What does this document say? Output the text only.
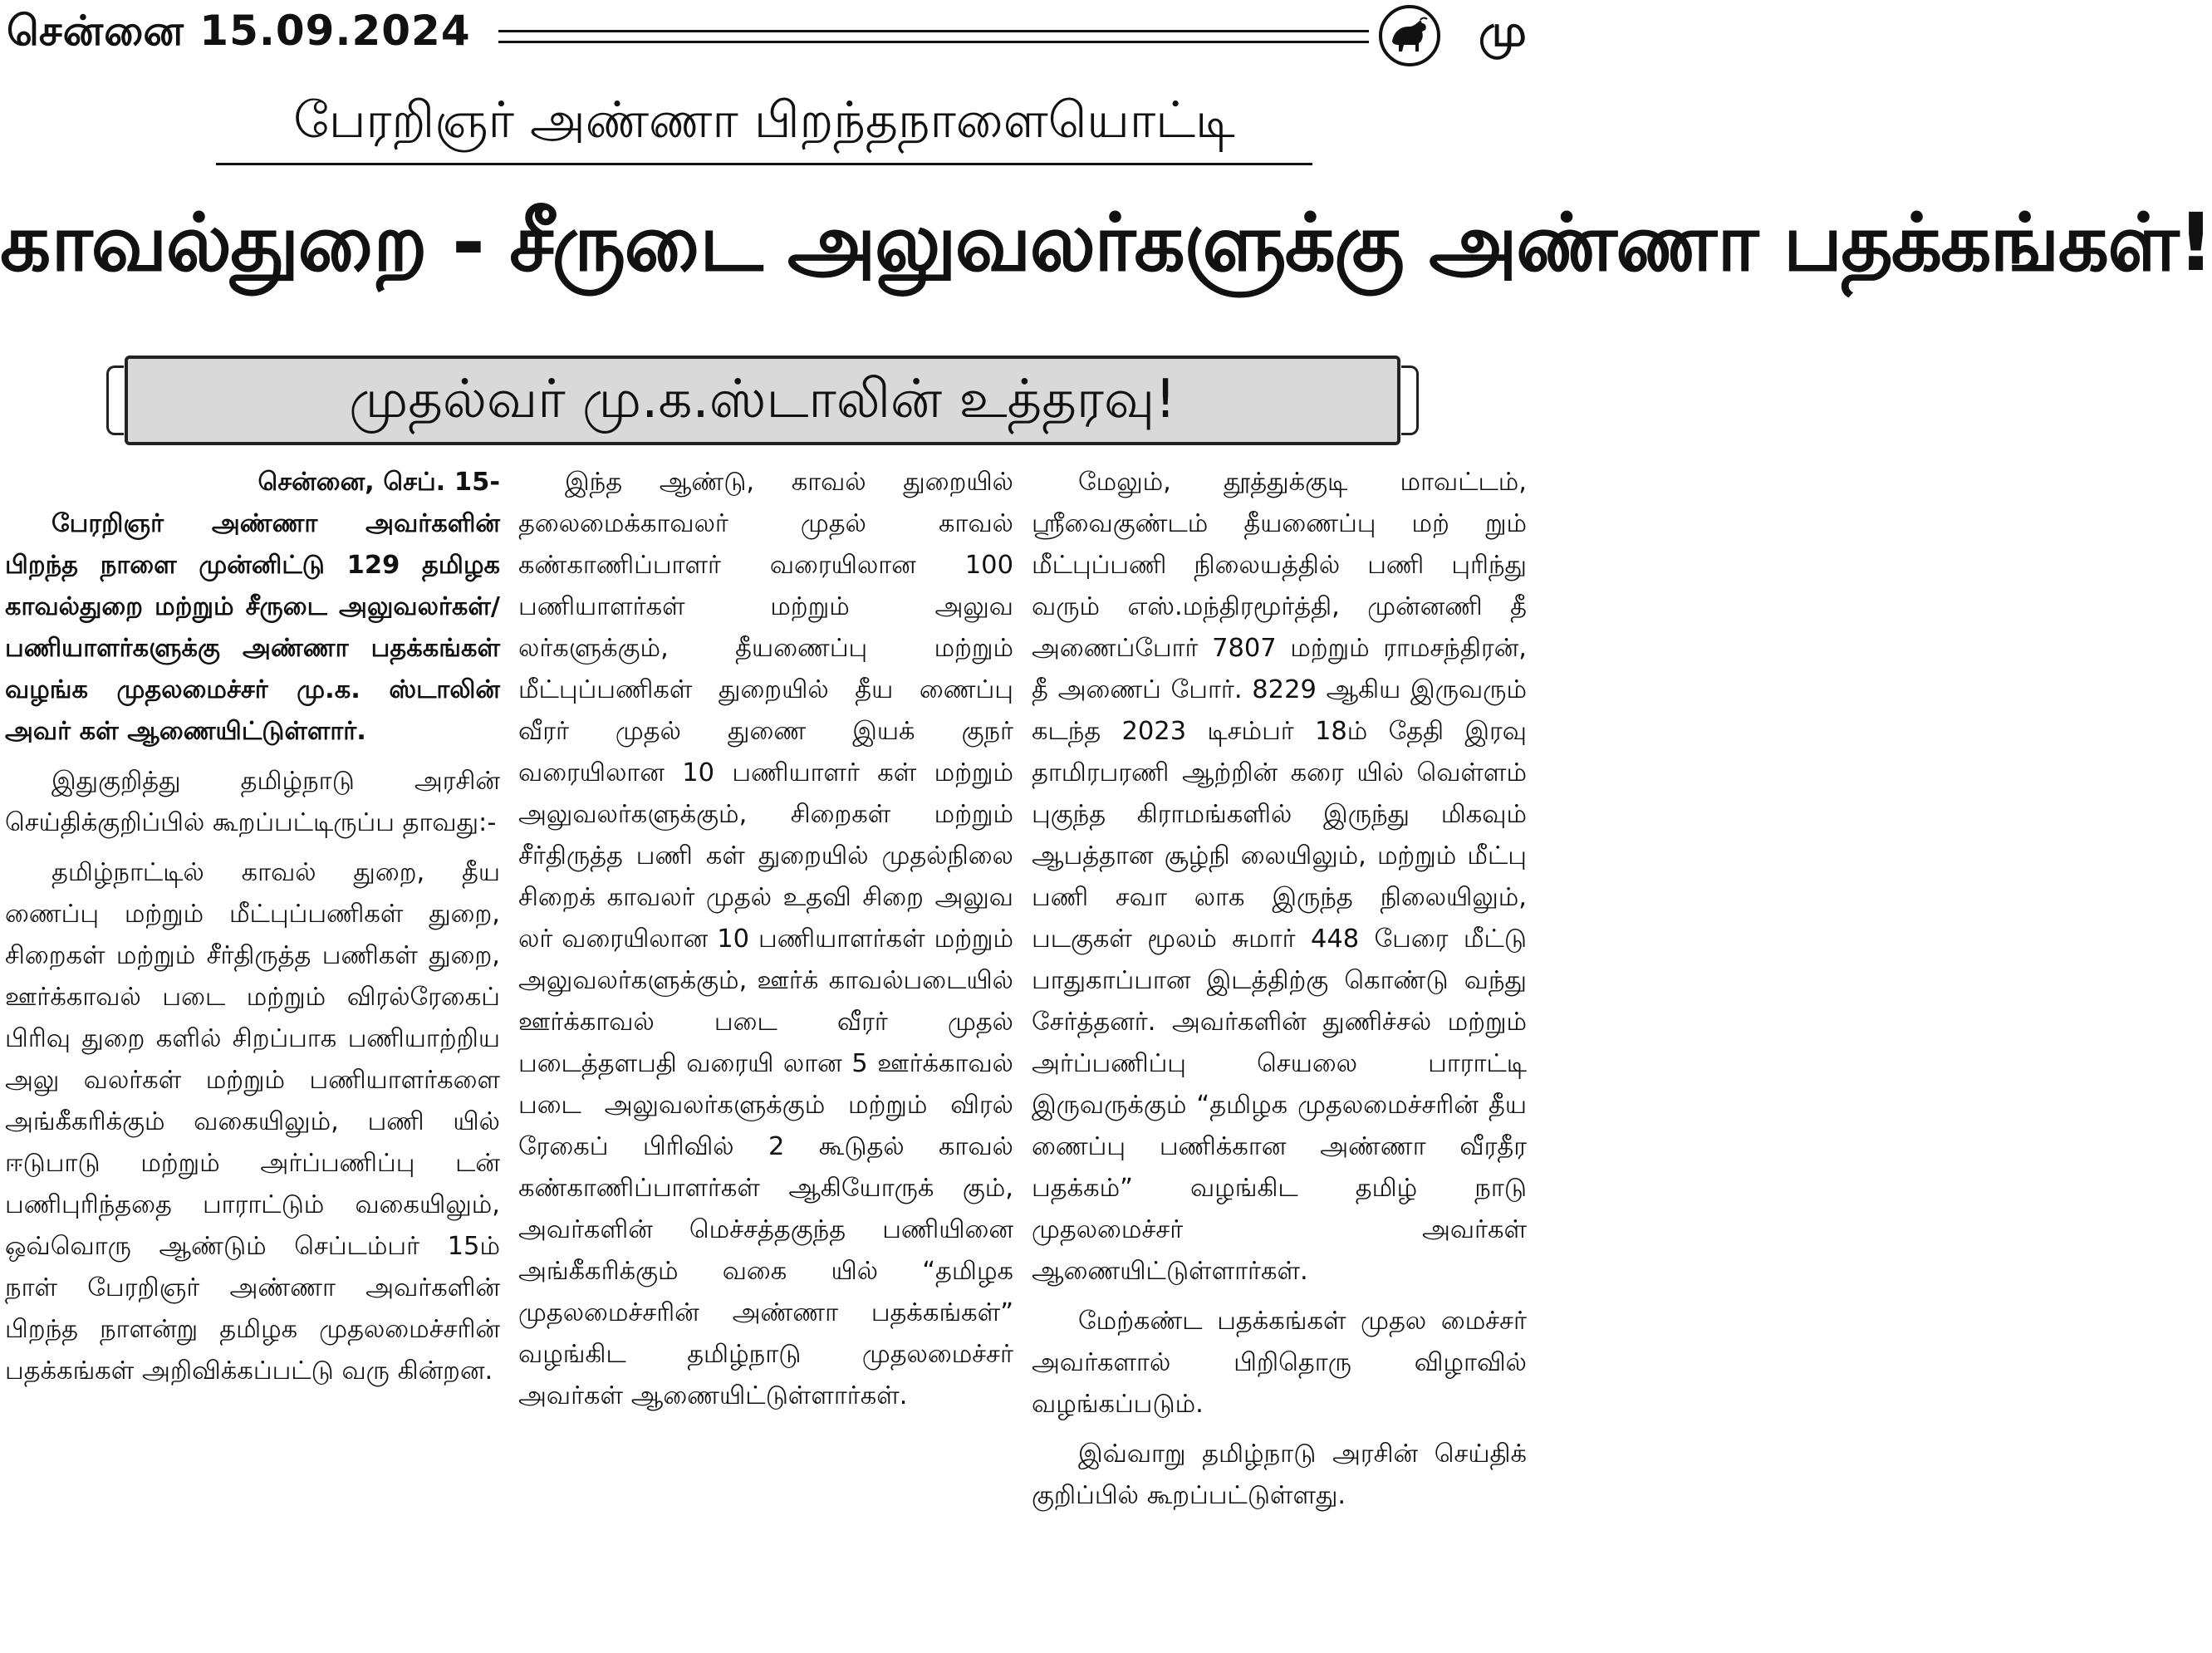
சென்னை 15.09.2024	மு
பேரறிஞர் அண்ணா பிறந்தநாளையொட்டி
காவல்துறை - சீருடை அலுவலர்களுக்கு அண்ணா பதக்கங்கள்!
முதல்வர் மு.க.ஸ்டாலின் உத்தரவு!

சென்னை, செப். 15-

பேரறிஞர் அண்ணா அவர்களின் பிறந்த நாளை முன்னிட்டு 129 தமிழக காவல்துறை மற்றும் சீருடை அலுவலர்கள்/பணியாளர்களுக்கு அண்ணா பதக்கங்கள் வழங்க முதலமைச்சர் மு.க. ஸ்டாலின் அவர் கள் ஆணையிட்டுள்ளார்.

இதுகுறித்து தமிழ்நாடு அரசின் செய்திக்குறிப்பில் கூறப்பட்டிருப்ப தாவது:-

தமிழ்நாட்டில் காவல் துறை, தீய ணைப்பு மற்றும் மீட்புப்பணிகள் துறை, சிறைகள் மற்றும் சீர்திருத்த பணிகள் துறை, ஊர்க்காவல் படை மற்றும் விரல்ரேகைப் பிரிவு துறை களில் சிறப்பாக பணியாற்றிய அலு வலர்கள் மற்றும் பணியாளர்களை அங்கீகரிக்கும் வகையிலும், பணி யில் ஈடுபாடு மற்றும் அர்ப்பணிப்பு டன் பணிபுரிந்ததை பாராட்டும் வகையிலும், ஒவ்வொரு ஆண்டும் செப்டம்பர் 15ம் நாள் பேரறிஞர் அண்ணா அவர்களின் பிறந்த நாளன்று தமிழக முதலமைச்சரின் பதக்கங்கள் அறிவிக்கப்பட்டு வரு கின்றன.

இந்த ஆண்டு, காவல் துறையில் தலைமைக்காவலர் முதல் காவல் கண்காணிப்பாளர் வரையிலான 100 பணியாளர்கள் மற்றும் அலுவ லர்களுக்கும், தீயணைப்பு மற்றும் மீட்புப்பணிகள் துறையில் தீய ணைப்பு வீரர் முதல் துணை இயக் குநர் வரையிலான 10 பணியாளர் கள் மற்றும் அலுவலர்களுக்கும், சிறைகள் மற்றும் சீர்திருத்த பணி கள் துறையில் முதல்நிலை சிறைக் காவலர் முதல் உதவி சிறை அலுவ லர் வரையிலான 10 பணியாளர்கள் மற்றும் அலுவலர்களுக்கும், ஊர்க் காவல்படையில் ஊர்க்காவல் படை வீரர் முதல் படைத்தளபதி வரையி லான 5 ஊர்க்காவல் படை அலுவலர்களுக்கும் மற்றும் விரல் ரேகைப் பிரிவில் 2 கூடுதல் காவல் கண்காணிப்பாளர்கள் ஆகியோருக் கும், அவர்களின் மெச்சத்தகுந்த பணியினை அங்கீகரிக்கும் வகை யில் “தமிழக முதலமைச்சரின் அண்ணா பதக்கங்கள்” வழங்கிட தமிழ்நாடு முதலமைச்சர் அவர்கள் ஆணையிட்டுள்ளார்கள்.

மேலும், தூத்துக்குடி மாவட்டம், ஸ்ரீவைகுண்டம் தீயணைப்பு மற் றும் மீட்புப்பணி நிலையத்தில் பணி புரிந்து வரும் எஸ்.மந்திரமூர்த்தி, முன்னணி தீ அணைப்போர் 7807 மற்றும் ராமசந்திரன், தீ அணைப் போர். 8229 ஆகிய இருவரும் கடந்த 2023 டிசம்பர் 18ம் தேதி இரவு தாமிரபரணி ஆற்றின் கரை யில் வெள்ளம் புகுந்த கிராமங்களில் இருந்து மிகவும் ஆபத்தான சூழ்நி லையிலும், மற்றும் மீட்பு பணி சவா லாக இருந்த நிலையிலும், படகுகள் மூலம் சுமார் 448 பேரை மீட்டு பாதுகாப்பான இடத்திற்கு கொண்டு வந்து சேர்த்தனர். அவர்களின் துணிச்சல் மற்றும் அர்ப்பணிப்பு செயலை பாராட்டி இருவருக்கும் “தமிழக முதலமைச்சரின் தீய ணைப்பு பணிக்கான அண்ணா வீரதீர பதக்கம்” வழங்கிட தமிழ் நாடு முதலமைச்சர் அவர்கள் ஆணையிட்டுள்ளார்கள்.

மேற்கண்ட பதக்கங்கள் முதல மைச்சர் அவர்களால் பிறிதொரு விழாவில் வழங்கப்படும்.

இவ்வாறு தமிழ்நாடு அரசின் செய்திக் குறிப்பில் கூறப்பட்டுள்ளது.
